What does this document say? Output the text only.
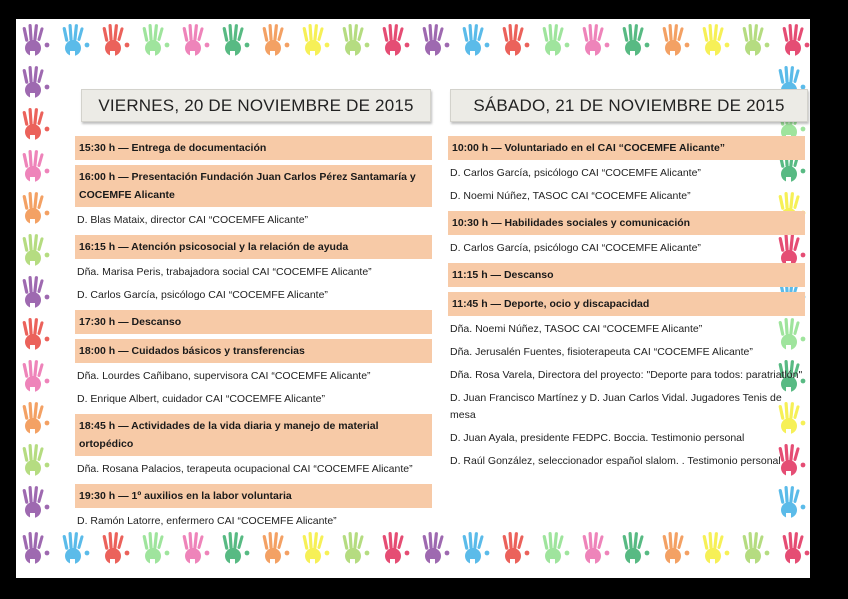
VIERNES, 20 DE NOVIEMBRE DE 2015	SÁBADO, 21 DE NOVIEMBRE DE 2015
15:30 h — Entrega de documentación
16:00 h — Presentación Fundación Juan Carlos Pérez Santamaría y COCEMFE Alicante
D. Blas Mataix, director CAI “COCEMFE Alicante”
16:15 h — Atención psicosocial y la relación de ayuda
Dña. Marisa Peris, trabajadora social CAI “COCEMFE Alicante”
D. Carlos García, psicólogo CAI “COCEMFE Alicante”
17:30 h — Descanso
18:00 h — Cuidados básicos y transferencias
Dña. Lourdes Cañibano, supervisora CAI “COCEMFE Alicante”
D. Enrique Albert, cuidador CAI “COCEMFE Alicante”
18:45 h — Actividades de la vida diaria y manejo de material ortopédico
Dña. Rosana Palacios, terapeuta ocupacional CAI “COCEMFE Alicante”
19:30 h — 1º auxilios en la labor voluntaria
D. Ramón Latorre, enfermero CAI “COCEMFE Alicante”
10:00 h — Voluntariado en el CAI “COCEMFE Alicante”
D. Carlos García, psicólogo CAI “COCEMFE Alicante”
D. Noemi Núñez, TASOC CAI “COCEMFE Alicante”
10:30 h — Habilidades sociales y comunicación
D. Carlos García, psicólogo CAI “COCEMFE Alicante”
11:15 h — Descanso
11:45 h — Deporte, ocio y discapacidad
Dña. Noemi Núñez, TASOC CAI “COCEMFE Alicante”
Dña. Jerusalén Fuentes, fisioterapeuta CAI “COCEMFE Alicante”
Dña. Rosa Varela, Directora del proyecto: "Deporte para todos: paratriatlón"
D. Juan Francisco Martínez y D. Juan Carlos Vidal. Jugadores Tenis de mesa
D. Juan Ayala, presidente FEDPC. Boccia. Testimonio personal
D. Raúl González, seleccionador español slalom. . Testimonio personal
